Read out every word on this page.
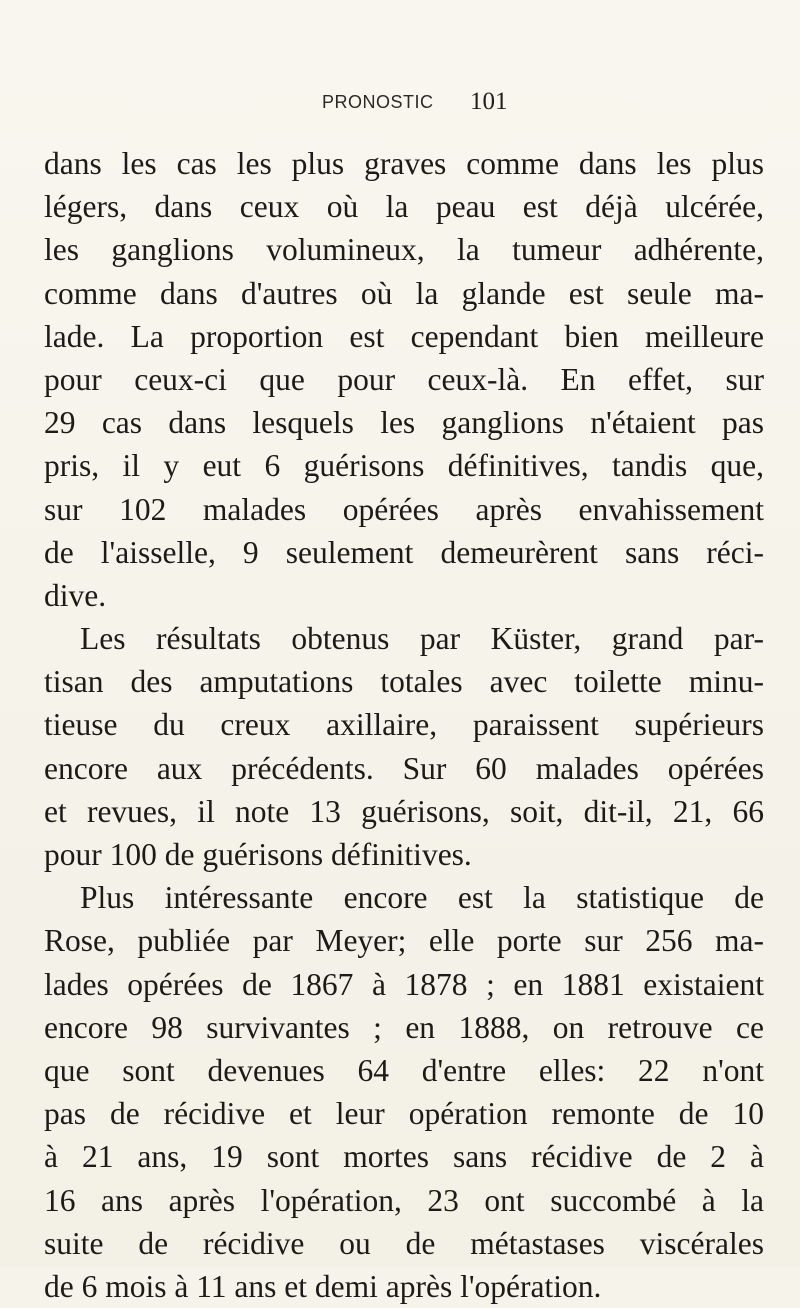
PRONOSTIC 101
dans les cas les plus graves comme dans les plus
légers, dans ceux où la peau est déjà ulcérée,
les ganglions volumineux, la tumeur adhérente,
comme dans d'autres où la glande est seule ma-
lade. La proportion est cependant bien meilleure
pour ceux-ci que pour ceux-là. En effet, sur
29 cas dans lesquels les ganglions n'étaient pas
pris, il y eut 6 guérisons définitives, tandis que,
sur 102 malades opérées après envahissement
de l'aisselle, 9 seulement demeurèrent sans réci-
dive.
Les résultats obtenus par Küster, grand par-
tisan des amputations totales avec toilette minu-
tieuse du creux axillaire, paraissent supérieurs
encore aux précédents. Sur 60 malades opérées
et revues, il note 13 guérisons, soit, dit-il, 21, 66
pour 100 de guérisons définitives.
Plus intéressante encore est la statistique de
Rose, publiée par Meyer; elle porte sur 256 ma-
lades opérées de 1867 à 1878 ; en 1881 existaient
encore 98 survivantes ; en 1888, on retrouve ce
que sont devenues 64 d'entre elles: 22 n'ont
pas de récidive et leur opération remonte de 10
à 21 ans, 19 sont mortes sans récidive de 2 à
16 ans après l'opération, 23 ont succombé à la
suite de récidive ou de métastases viscérales
de 6 mois à 11 ans et demi après l'opération.
